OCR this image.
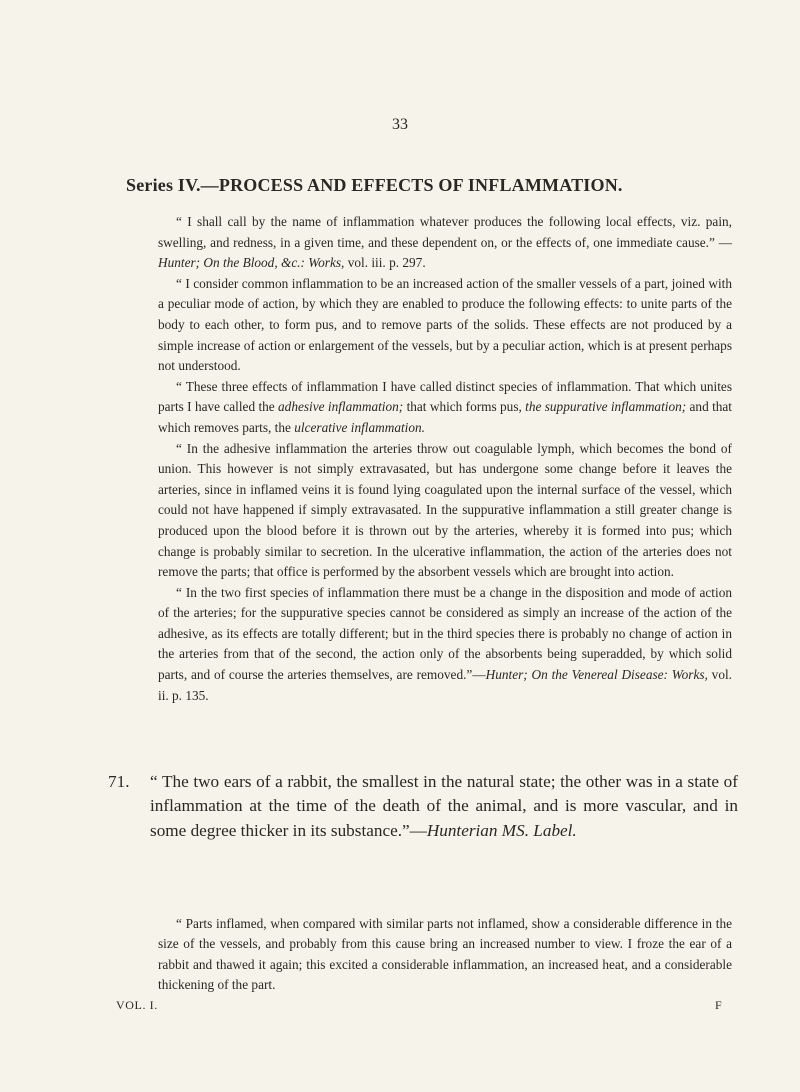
33
Series IV.—PROCESS AND EFFECTS OF INFLAMMATION.

“ I shall call by the name of inflammation whatever produces the following local effects, viz. pain, swelling, and redness, in a given time, and these dependent on, or the effects of, one immediate cause.” — Hunter; On the Blood, &c.: Works, vol. iii. p. 297.

“ I consider common inflammation to be an increased action of the smaller vessels of a part, joined with a peculiar mode of action, by which they are enabled to produce the following effects: to unite parts of the body to each other, to form pus, and to remove parts of the solids. These effects are not produced by a simple increase of action or enlargement of the vessels, but by a peculiar action, which is at present perhaps not understood.

“ These three effects of inflammation I have called distinct species of inflammation. That which unites parts I have called the adhesive inflammation; that which forms pus, the suppurative inflammation; and that which removes parts, the ulcerative inflammation.

“ In the adhesive inflammation the arteries throw out coagulable lymph, which becomes the bond of union. This however is not simply extravasated, but has undergone some change before it leaves the arteries, since in inflamed veins it is found lying coagulated upon the internal surface of the vessel, which could not have happened if simply extravasated. In the suppurative inflammation a still greater change is produced upon the blood before it is thrown out by the arteries, whereby it is formed into pus; which change is probably similar to secretion. In the ulcerative inflammation, the action of the arteries does not remove the parts; that office is performed by the absorbent vessels which are brought into action.

“ In the two first species of inflammation there must be a change in the disposition and mode of action of the arteries; for the suppurative species cannot be considered as simply an increase of the action of the adhesive, as its effects are totally different; but in the third species there is probably no change of action in the arteries from that of the second, the action only of the absorbents being superadded, by which solid parts, and of course the arteries themselves, are removed.”—Hunter; On the Venereal Disease: Works, vol. ii. p. 135.

71. “ The two ears of a rabbit, the smallest in the natural state; the other was in a state of inflammation at the time of the death of the animal, and is more vascular, and in some degree thicker in its substance.”—Hunterian MS. Label.

“ Parts inflamed, when compared with similar parts not inflamed, show a considerable difference in the size of the vessels, and probably from this cause bring an increased number to view. I froze the ear of a rabbit and thawed it again; this excited a considerable inflammation, an increased heat, and a considerable thickening of the part.

VOL. I.	F
